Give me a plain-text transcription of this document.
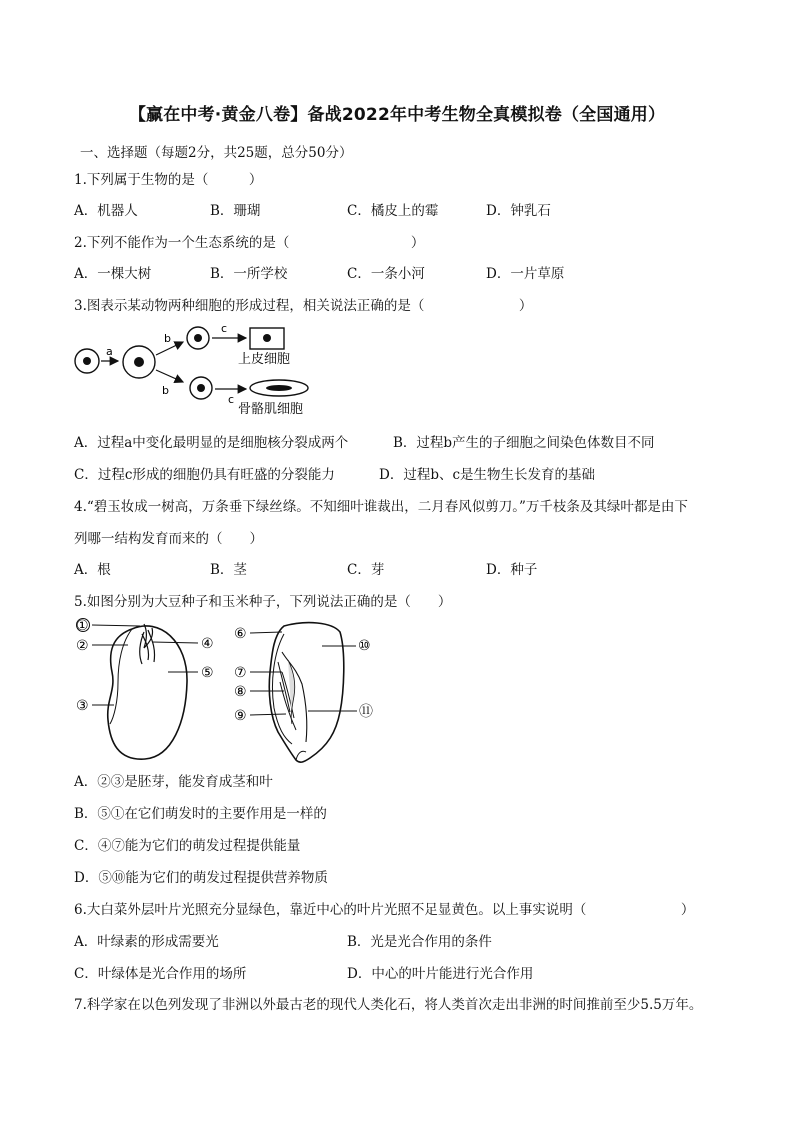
【赢在中考·黄金八卷】备战2022年中考生物全真模拟卷（全国通用）
一、选择题（每题2分，共25题，总分50分）
1.下列属于生物的是（　　　）
A．机器人	B．珊瑚	C．橘皮上的霉	D．钟乳石
2.下列不能作为一个生态系统的是（　　　　　　　　　）
A．一棵大树	B．一所学校	C．一条小河	D．一片草原
3.图表示某动物两种细胞的形成过程，相关说法正确的是（　　　　　　　）
a
b
b
c
上皮细胞
c
骨骼肌细胞
A．过程a中变化最明显的是细胞核分裂成两个	B．过程b产生的子细胞之间染色体数目不同
C．过程c形成的细胞仍具有旺盛的分裂能力	D．过程b、c是生物生长发育的基础
4.“碧玉妆成一树高，万条垂下绿丝绦。不知细叶谁裁出，二月春风似剪刀。”万千枝条及其绿叶都是由下
列哪一结构发育而来的（　　）
A．根	B．茎	C．芽	D．种子
5.如图分别为大豆种子和玉米种子，下列说法正确的是（　　）
①
②
③
④
⑤
⑥
⑦
⑧
⑨
⑩
⑪
A．②③是胚芽，能发育成茎和叶
B．⑤①在它们萌发时的主要作用是一样的
C．④⑦能为它们的萌发过程提供能量
D．⑤⑩能为它们的萌发过程提供营养物质
6.大白菜外层叶片光照充分显绿色，靠近中心的叶片光照不足显黄色。以上事实说明（　　　　　　　）
A．叶绿素的形成需要光	B．光是光合作用的条件
C．叶绿体是光合作用的场所	D．中心的叶片能进行光合作用
7.科学家在以色列发现了非洲以外最古老的现代人类化石，将人类首次走出非洲的时间推前至少5.5万年。
